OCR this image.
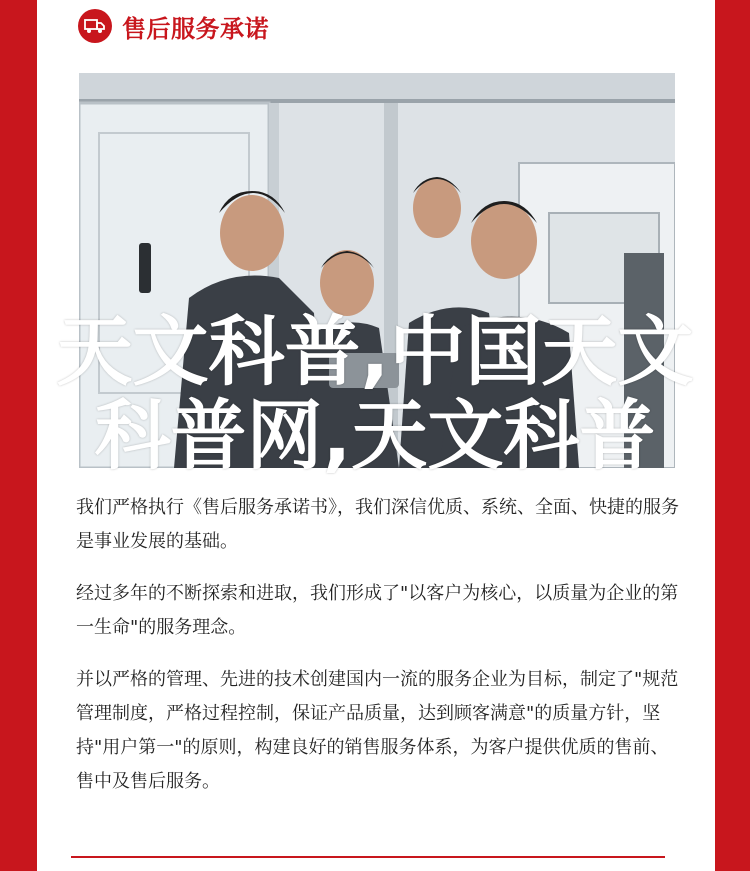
售后服务承诺

我们严格执行《售后服务承诺书》，我们深信优质、系统、全面、快捷的服务是事业发展的基础。

经过多年的不断探索和进取，我们形成了"以客户为核心，以质量为企业的第一生命"的服务理念。

并以严格的管理、先进的技术创建国内一流的服务企业为目标，制定了"规范管理制度，严格过程控制，保证产品质量，达到顾客满意"的质量方针，坚持"用户第一"的原则，构建良好的销售服务体系，为客户提供优质的售前、售中及售后服务。

天文科普,中国天文科普网,天文科普
